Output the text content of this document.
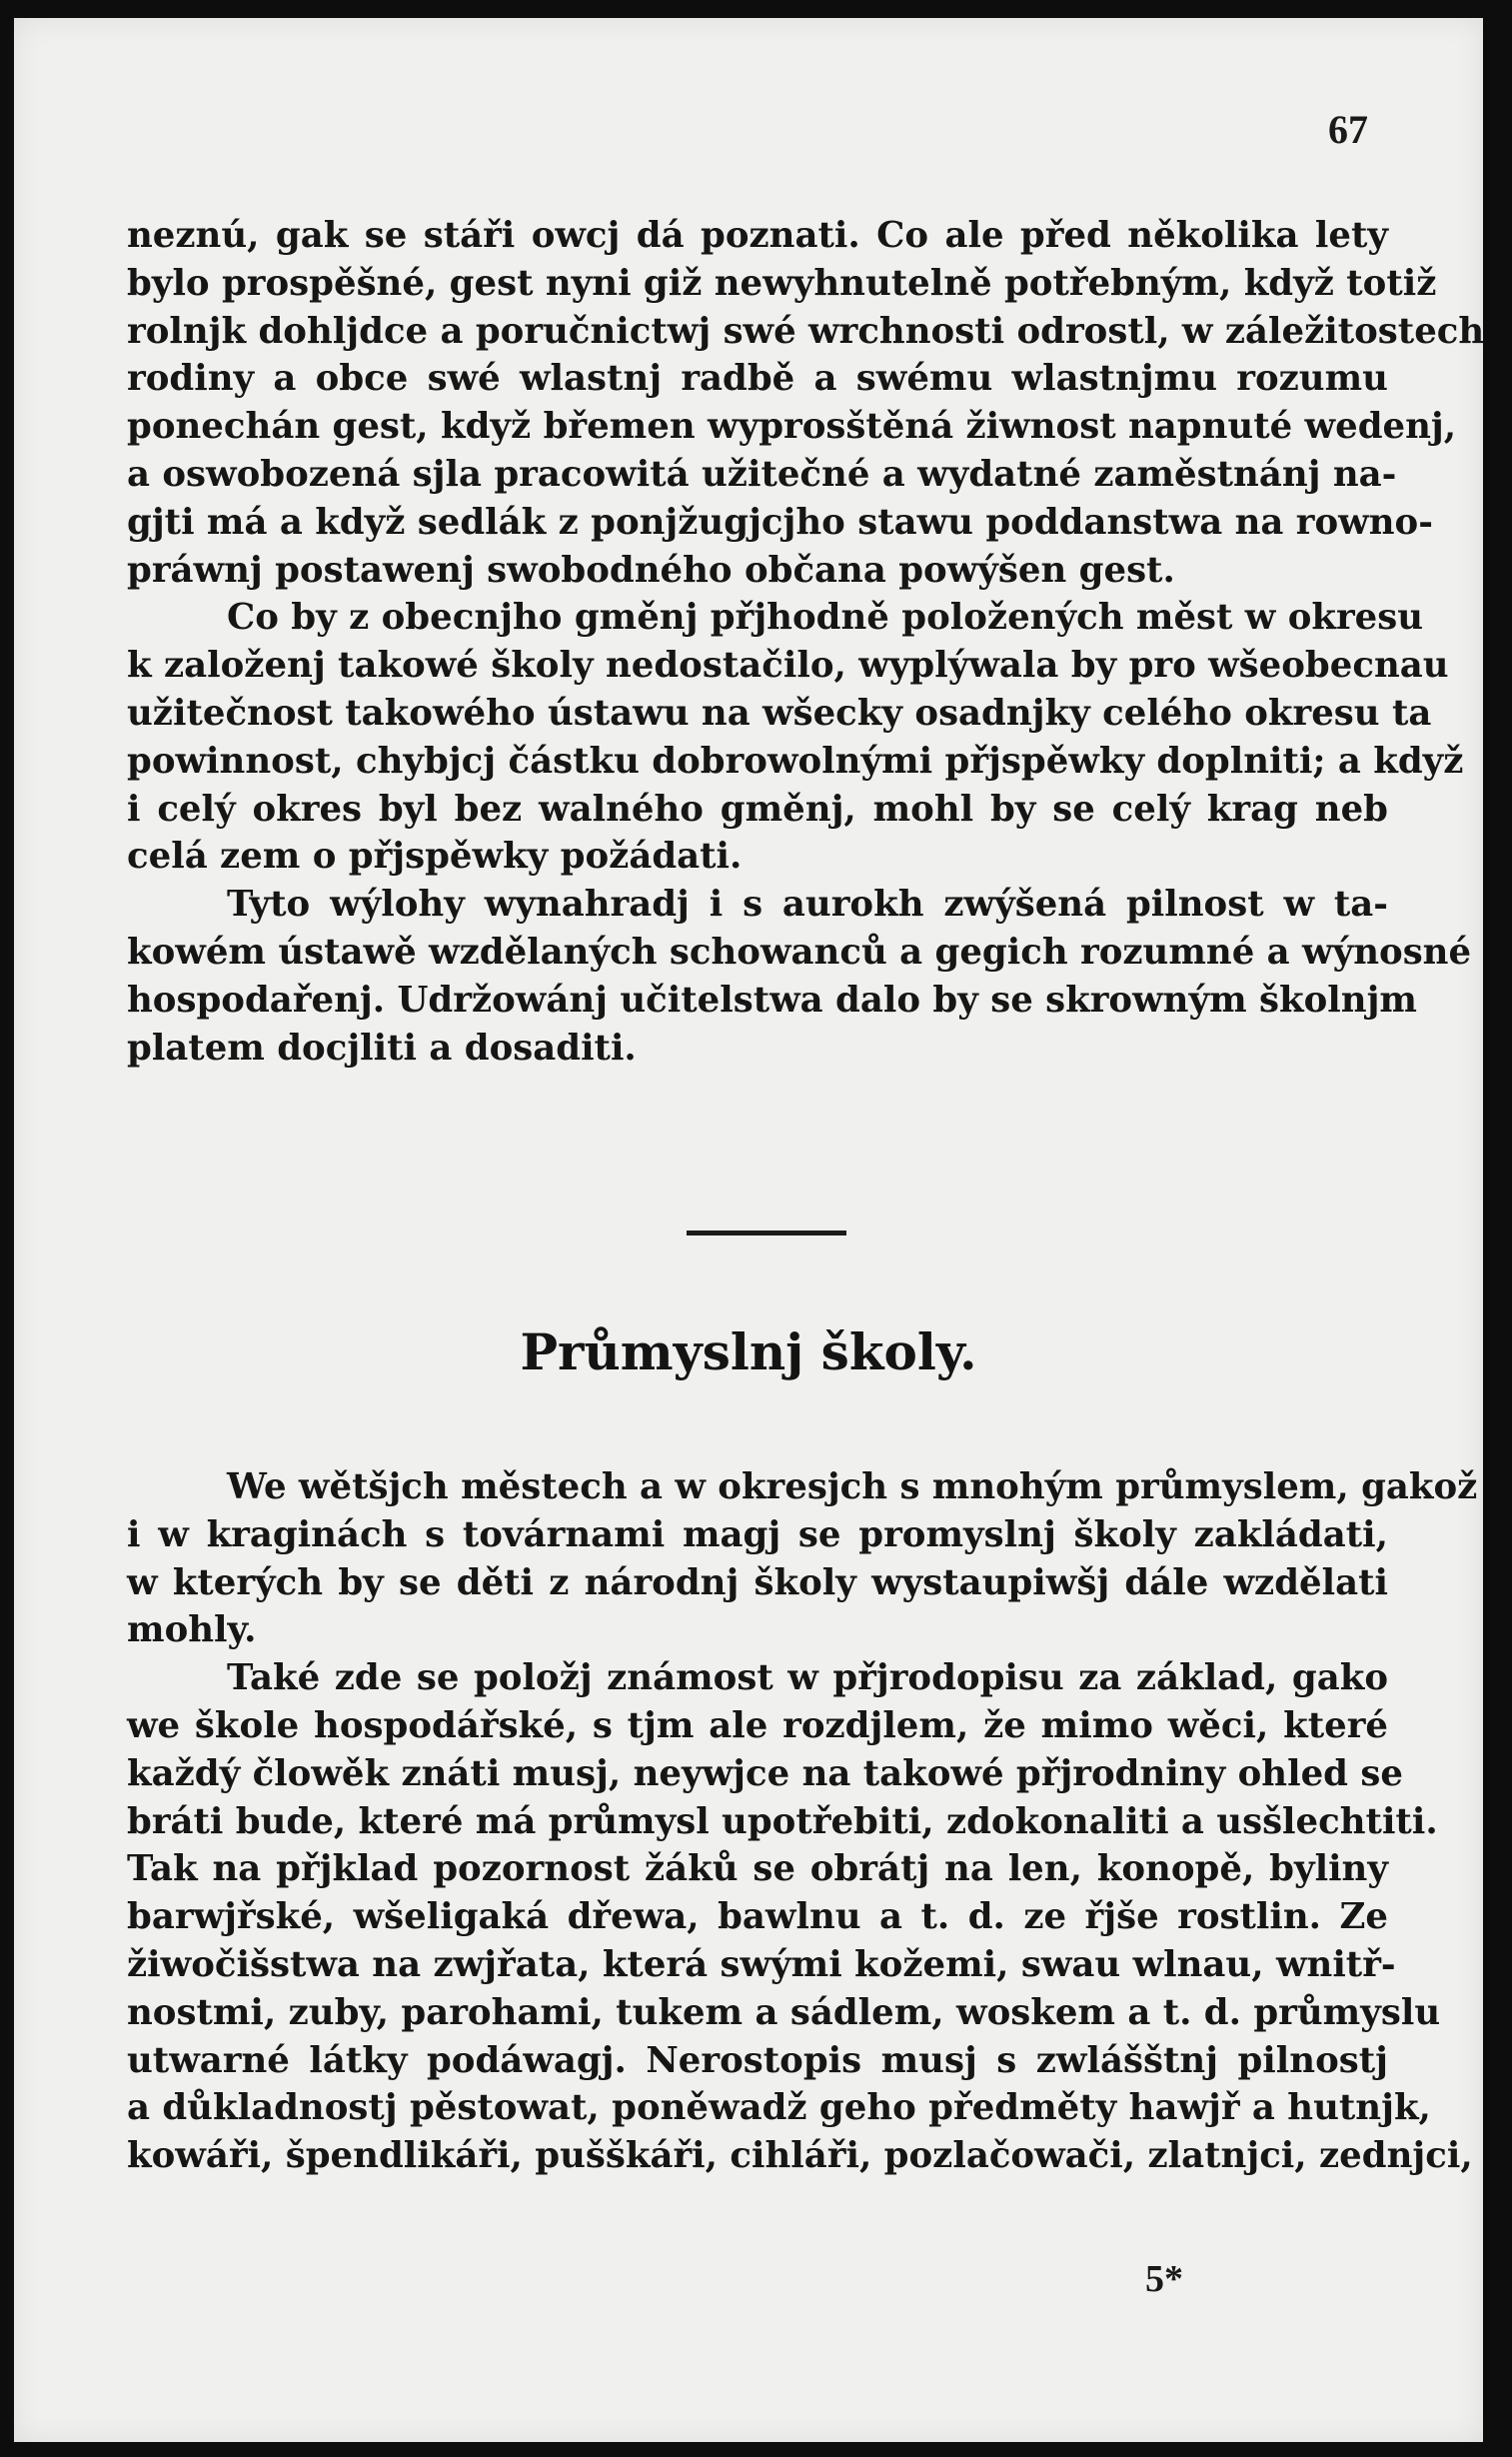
67
neznú, gak se stáři owcj dá poznati. Co ale před několika lety
bylo prospěšné, gest nyni giž newyhnutelně potřebným, když totiž
rolnjk dohljdce a poručnictwj swé wrchnosti odrostl, w záležitostech
rodiny a obce swé wlastnj radbě a swému wlastnjmu rozumu
ponechán gest, když břemen wyprosštěná žiwnost napnuté wedenj,
a oswobozená sjla pracowitá užitečné a wydatné zaměstnánj na-
gjti má a když sedlák z ponjžugjcjho stawu poddanstwa na rowno-
práwnj postawenj swobodného občana powýšen gest.
Co by z obecnjho gměnj přjhodně položených měst w okresu
k založenj takowé školy nedostačilo, wyplýwala by pro wšeobecnau
užitečnost takowého ústawu na wšecky osadnjky celého okresu ta
powinnost, chybjcj částku dobrowolnými přjspěwky doplniti; a když
i celý okres byl bez walného gměnj, mohl by se celý krag neb
celá zem o přjspěwky požádati.
Tyto wýlohy wynahradj i s aurokh zwýšená pilnost w ta-
kowém ústawě wzdělaných schowanců a gegich rozumné a wýnosné
hospodařenj. Udržowánj učitelstwa dalo by se skrowným školnjm
platem docjliti a dosaditi.
Průmyslnj školy.
We wětšjch městech a w okresjch s mnohým průmyslem, gakož
i w kraginách s továrnami magj se promyslnj školy zakládati,
w kterých by se děti z národnj školy wystaupiwšj dále wzdělati
mohly.
Také zde se položj známost w přjrodopisu za základ, gako
we škole hospodářské, s tjm ale rozdjlem, že mimo wěci, které
každý člowěk znáti musj, neywjce na takowé přjrodniny ohled se
bráti bude, které má průmysl upotřebiti, zdokonaliti a usšlechtiti.
Tak na přjklad pozornost žáků se obrátj na len, konopě, byliny
barwjřské, wšeligaká dřewa, bawlnu a t. d. ze řjše rostlin. Ze
žiwočišstwa na zwjřata, která swými kožemi, swau wlnau, wnitř-
nostmi, zuby, parohami, tukem a sádlem, woskem a t. d. průmyslu
utwarné látky podáwagj. Nerostopis musj s zwlášštnj pilnostj
a důkladnostj pěstowat, poněwadž geho předměty hawjř a hutnjk,
kowáři, špendlikáři, pušškáři, cihláři, pozlačowači, zlatnjci, zednjci,
5*
